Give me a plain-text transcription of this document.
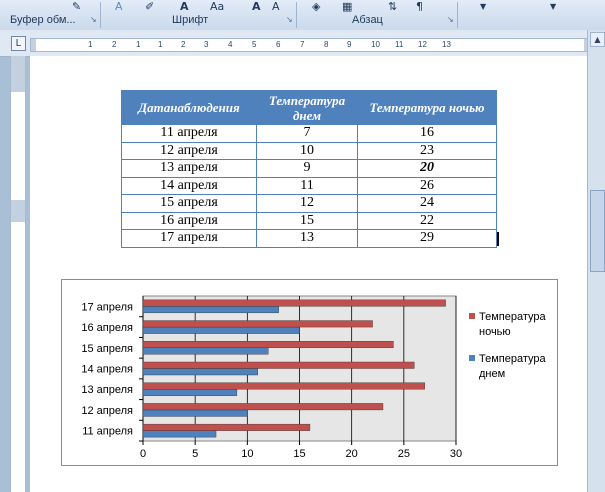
✎	A ✐ A Aa	A A	◈ ▦	⇅ ¶	▼	▼
Буфер обм... ↘	Шрифт	↘	Абзац	↘
L	1 2 1 1 2 3 4 5 6 7 8 9 10 11 12 13
▲
Датанаблюдения	Температура днем	Температура ночью
11 апреля	7	16
12 апреля	10	23
13 апреля	9	20
14 апреля	11	26
15 апреля	12	24
16 апреля	15	22
17 апреля	13	29
0	5	10	15	20	25	30
11 апреля
12 апреля
13 апреля
14 апреля
15 апреля
16 апреля
17 апреля
Температура
ночью
Температура
днем
